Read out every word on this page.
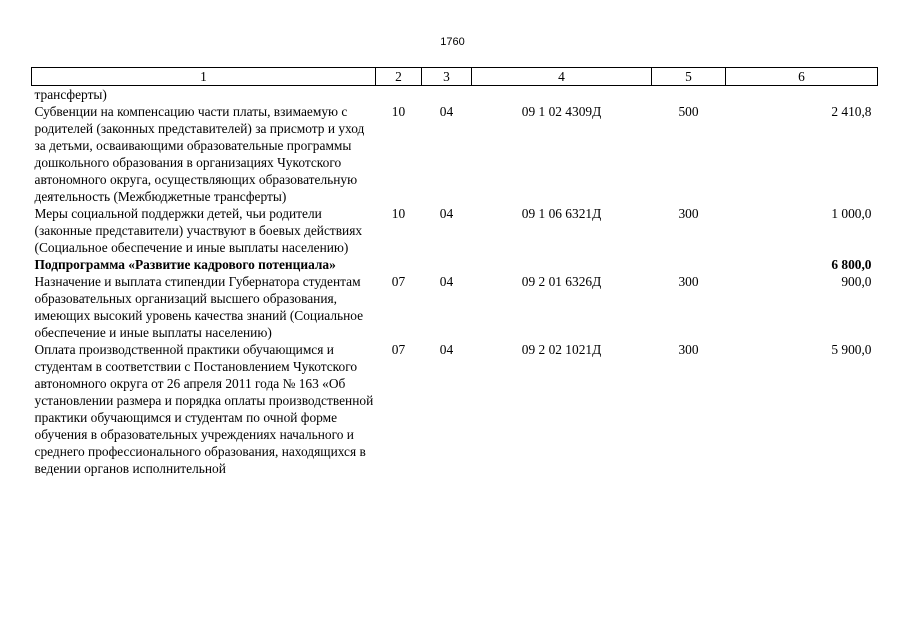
1760
1	2	3	4	5	6
трансферты)					
Субвенции на компенсацию части платы, взимаемую с родителей (законных представителей) за присмотр и уход за детьми, осваивающими образовательные программы дошкольного образования в организациях Чукотского автономного округа, осуществляющих образовательную деятельность (Межбюджетные трансферты)	10	04	09 1 02 4309Д	500	2 410,8
Меры социальной поддержки детей, чьи родители (законные представители) участвуют в боевых действиях (Социальное обеспечение и иные выплаты населению)	10	04	09 1 06 6321Д	300	1 000,0
Подпрограмма «Развитие кадрового потенциала»					6 800,0
Назначение и выплата стипендии Губернатора студентам образовательных организаций высшего образования, имеющих высокий уровень качества знаний (Социальное обеспечение и иные выплаты населению)	07	04	09 2 01 6326Д	300	900,0
Оплата производственной практики обучающимся и студентам в соответствии с Постановлением Чукотского автономного округа от 26 апреля 2011 года № 163 «Об установлении размера и порядка оплаты производственной практики обучающимся и студентам по очной форме обучения в образовательных учреждениях начального и среднего профессионального образования, находящихся в ведении органов исполнительной	07	04	09 2 02 1021Д	300	5 900,0
